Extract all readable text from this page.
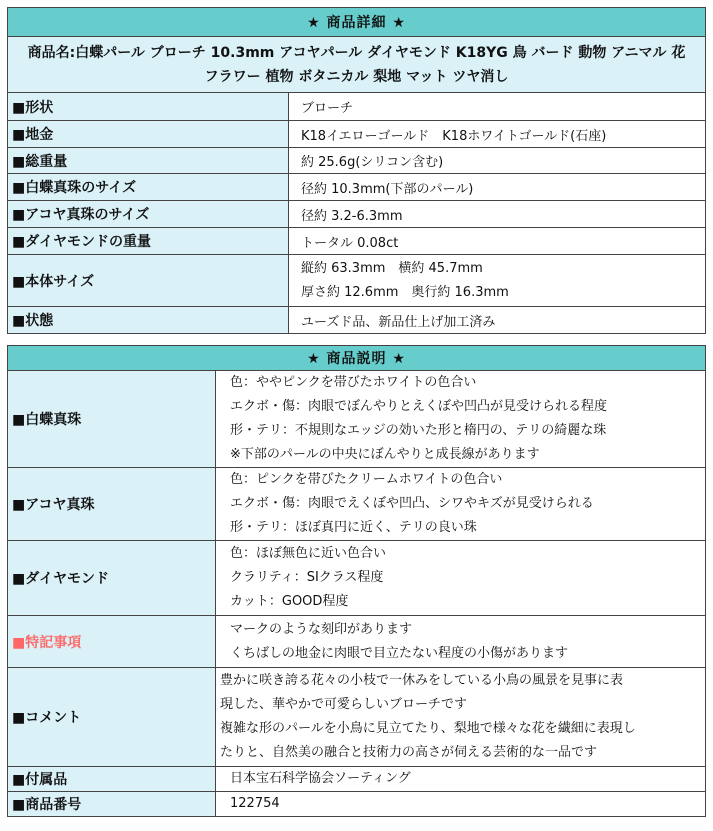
★ 商品詳細 ★	

商品名:白蝶パール ブローチ 10.3mm アコヤパール ダイヤモンド K18YG 鳥 バード 動物 アニマル 花
フラワー 植物 ボタニカル 梨地 マット ツヤ消し	

■形状	ブローチ
■地金	K18イエローゴールド　K18ホワイトゴールド(石座)
■総重量	約 25.6g(シリコン含む)
■白蝶真珠のサイズ	径約 10.3mm(下部のパール)
■アコヤ真珠のサイズ	径約 3.2-6.3mm
■ダイヤモンドの重量	トータル 0.08ct
■本体サイズ	縦約 63.3mm　横約 45.7mm
厚さ約 12.6mm　奥行約 16.3mm

■状態	ユーズド品、新品仕上げ加工済み
★ 商品説明 ★	
■白蝶真珠	色：ややピンクを帯びたホワイトの色合い
エクボ・傷：肉眼でぼんやりとえくぼや凹凸が見受けられる程度
形・テリ：不規則なエッジの効いた形と楕円の、テリの綺麗な珠
※下部のパールの中央にぼんやりと成長線があります

■アコヤ真珠	色：ピンクを帯びたクリームホワイトの色合い
エクボ・傷：肉眼でえくぼや凹凸、シワやキズが見受けられる
形・テリ：ほぼ真円に近く、テリの良い珠

■ダイヤモンド	色：ほぼ無色に近い色合い
クラリティ：SIクラス程度
カット：GOOD程度

■特記事項	マークのような刻印があります
くちばしの地金に肉眼で目立たない程度の小傷があります

■コメント	豊かに咲き誇る花々の小枝で一休みをしている小鳥の風景を見事に表
現した、華やかで可愛らしいブローチです
複雑な形のパールを小鳥に見立てたり、梨地で様々な花を繊細に表現し
たりと、自然美の融合と技術力の高さが伺える芸術的な一品です

■付属品	日本宝石科学協会ソーティング
■商品番号	122754
